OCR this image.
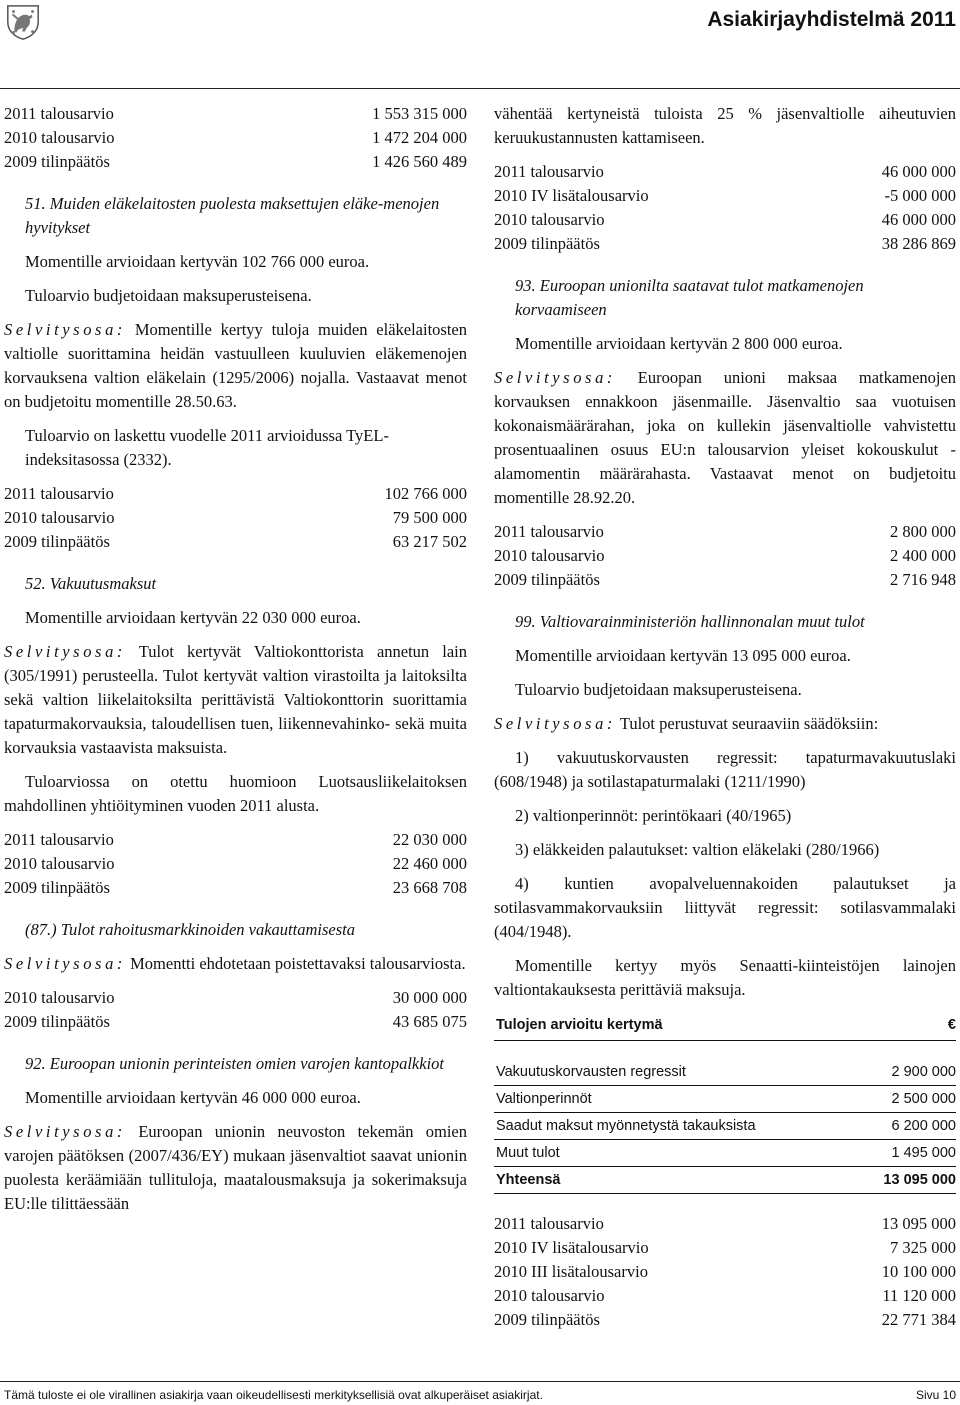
Asiakirjayhdistelmä 2011
2011 talousarvio	1 553 315 000
2010 talousarvio	1 472 204 000
2009 tilinpäätös	1 426 560 489
51. Muiden eläkelaitosten puolesta maksettujen eläke-menojen hyvitykset
Momentille arvioidaan kertyvän 102 766 000 euroa.
Tuloarvio budjetoidaan maksuperusteisena.
Selvitysosa: Momentille kertyy tuloja muiden eläkelaitosten valtiolle suorittamina heidän vastuulleen kuuluvien eläkemenojen korvauksena valtion eläkelain (1295/2006) nojalla. Vastaavat menot on budjetoitu momentille 28.50.63.
Tuloarvio on laskettu vuodelle 2011 arvioidussa TyEL-indeksitasossa (2332).
2011 talousarvio	102 766 000
2010 talousarvio	79 500 000
2009 tilinpäätös	63 217 502
52. Vakuutusmaksut
Momentille arvioidaan kertyvän 22 030 000 euroa.
Selvitysosa: Tulot kertyvät Valtiokonttorista annetun lain (305/1991) perusteella. Tulot kertyvät valtion virastoilta ja laitoksilta sekä valtion liikelaitoksilta perittävistä Valtiokonttorin suorittamia tapaturmakorvauksia, taloudellisen tuen, liikennevahinko- sekä muita korvauksia vastaavista maksuista.
Tuloarviossa on otettu huomioon Luotsausliikelaitoksen mahdollinen yhtiöityminen vuoden 2011 alusta.
2011 talousarvio	22 030 000
2010 talousarvio	22 460 000
2009 tilinpäätös	23 668 708
(87.) Tulot rahoitusmarkkinoiden vakauttamisesta
Selvitysosa: Momentti ehdotetaan poistettavaksi talousarviosta.
2010 talousarvio	30 000 000
2009 tilinpäätös	43 685 075
92. Euroopan unionin perinteisten omien varojen kantopalkkiot
Momentille arvioidaan kertyvän 46 000 000 euroa.
Selvitysosa: Euroopan unionin neuvoston tekemän omien varojen päätöksen (2007/436/EY) mukaan jäsenvaltiot saavat unionin puolesta keräämiään tullituloja, maatalousmaksuja ja sokerimaksuja EU:lle tilittäessään
vähentää kertyneistä tuloista 25 % jäsenvaltiolle aiheutuvien keruukustannusten kattamiseen.
2011 talousarvio	46 000 000
2010 IV lisätalousarvio	-5 000 000
2010 talousarvio	46 000 000
2009 tilinpäätös	38 286 869
93. Euroopan unionilta saatavat tulot matkamenojen korvaamiseen
Momentille arvioidaan kertyvän 2 800 000 euroa.
Selvitysosa: Euroopan unioni maksaa matkamenojen korvauksen ennakkoon jäsenmaille. Jäsenvaltio saa vuotuisen kokonaismäärärahan, joka on kullekin jäsenvaltiolle vahvistettu prosentuaalinen osuus EU:n talousarvion yleiset kokouskulut -alamomentin määrärahasta. Vastaavat menot on budjetoitu momentille 28.92.20.
2011 talousarvio	2 800 000
2010 talousarvio	2 400 000
2009 tilinpäätös	2 716 948
99. Valtiovarainministeriön hallinnonalan muut tulot
Momentille arvioidaan kertyvän 13 095 000 euroa.
Tuloarvio budjetoidaan maksuperusteisena.
Selvitysosa: Tulot perustuvat seuraaviin säädöksiin:
1) vakuutuskorvausten regressit: tapaturmavakuutuslaki (608/1948) ja sotilastapaturmalaki (1211/1990)
2) valtionperinnöt: perintökaari (40/1965)
3) eläkkeiden palautukset: valtion eläkelaki (280/1966)
4) kuntien avopalveluennakoiden palautukset ja sotilasvammakorvauksiin liittyvät regressit: sotilasvammalaki (404/1948).
Momentille kertyy myös Senaatti-kiinteistöjen lainojen valtiontakauksesta perittäviä maksuja.
Tulojen arvioitu kertymä	€
Vakuutuskorvausten regressit	2 900 000
Valtionperinnöt	2 500 000
Saadut maksut myönnetystä takauksista	6 200 000
Muut tulot	1 495 000
Yhteensä	13 095 000
2011 talousarvio	13 095 000
2010 IV lisätalousarvio	7 325 000
2010 III lisätalousarvio	10 100 000
2010 talousarvio	11 120 000
2009 tilinpäätös	22 771 384
Tämä tuloste ei ole virallinen asiakirja vaan oikeudellisesti merkityksellisiä ovat alkuperäiset asiakirjat.	Sivu 10
